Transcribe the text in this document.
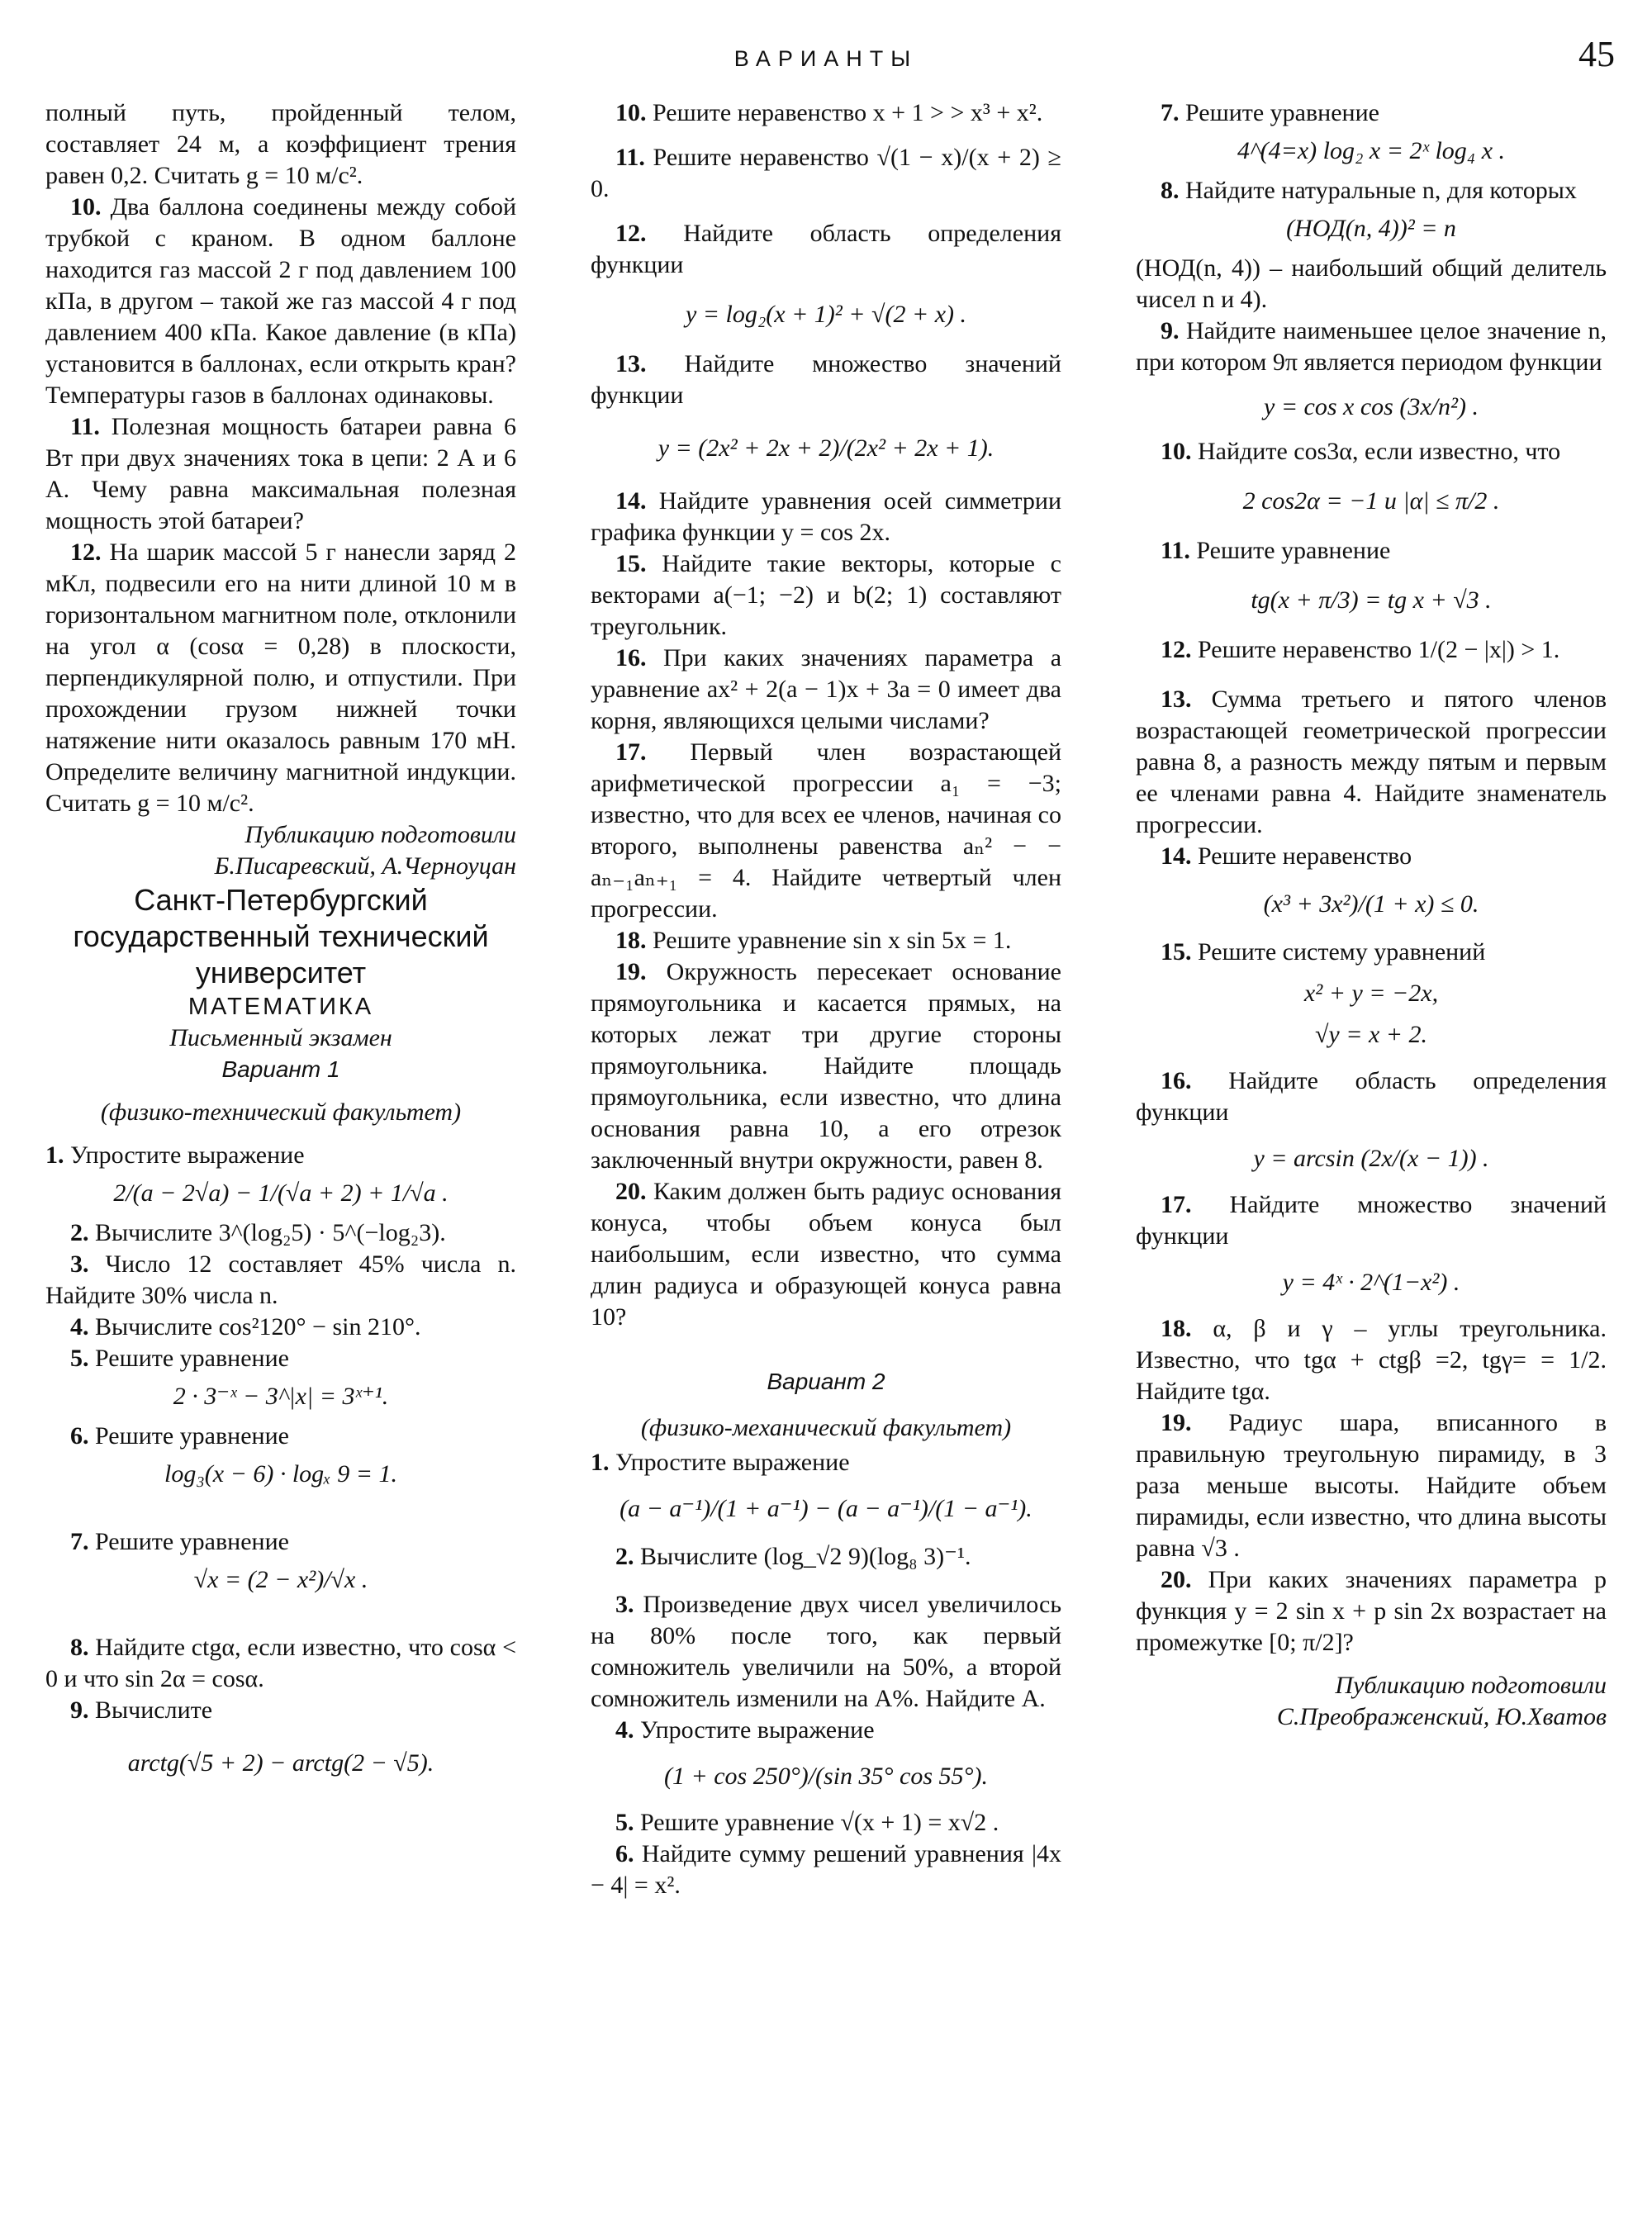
ВАРИАНТЫ	45

полный путь, пройденный телом, составляет 24 м, а коэффициент трения равен 0,2. Считать g = 10 м/с².

10. Два баллона соединены между собой трубкой с краном. В одном баллоне находится газ массой 2 г под давлением 100 кПа, в другом – такой же газ массой 4 г под давлением 400 кПа. Какое давление (в кПа) установится в баллонах, если открыть кран? Температуры газов в баллонах одинаковы.

11. Полезная мощность батареи равна 6 Вт при двух значениях тока в цепи: 2 А и 6 А. Чему равна максимальная полезная мощность этой батареи?

12. На шарик массой 5 г нанесли заряд 2 мКл, подвесили его на нити длиной 10 м в горизонтальном магнитном поле, отклонили на угол α (cosα = 0,28) в плоскости, перпендикулярной полю, и отпустили. При прохождении грузом нижней точки натяжение нити оказалось равным 170 мН. Определите величину магнитной индукции. Считать g = 10 м/с².

Публикацию подготовили

Б.Писаревский, А.Черноуцан

Санкт-Петербургский государственный технический университет

МАТЕМАТИКА

Письменный экзамен

Вариант 1

(физико-технический факультет)

1. Упростите выражение

2/(a − 2√a) − 1/(√a + 2) + 1/√a .

2. Вычислите 3^(log₂5) · 5^(−log₂3).

3. Число 12 составляет 45% числа n. Найдите 30% числа n.

4. Вычислите cos²120° − sin 210°.

5. Решите уравнение

2 · 3⁻ˣ − 3^|x| = 3ˣ⁺¹.

6. Решите уравнение

log₃(x − 6) · logₓ 9 = 1.

7. Решите уравнение

√x = (2 − x²)/√x .

8. Найдите ctgα, если известно, что cosα < 0 и что sin 2α = cosα.

9. Вычислите

arctg(√5 + 2) − arctg(2 − √5).

10. Решите неравенство x + 1 > > x³ + x².

11. Решите неравенство √(1 − x)/(x + 2) ≥ 0.

12. Найдите область определения функции

y = log₂(x + 1)² + √(2 + x) .

13. Найдите множество значений функции

y = (2x² + 2x + 2)/(2x² + 2x + 1).

14. Найдите уравнения осей симметрии графика функции y = cos 2x.

15. Найдите такие векторы, которые с векторами a(−1; −2) и b(2; 1) составляют треугольник.

16. При каких значениях параметра a уравнение ax² + 2(a − 1)x + 3a = 0 имеет два корня, являющихся целыми числами?

17. Первый член возрастающей арифметической прогрессии a₁ = −3; известно, что для всех ее членов, начиная со второго, выполнены равенства aₙ² − − aₙ₋₁aₙ₊₁ = 4. Найдите четвертый член прогрессии.

18. Решите уравнение sin x sin 5x = 1.

19. Окружность пересекает основание прямоугольника и касается прямых, на которых лежат три другие стороны прямоугольника. Найдите площадь прямоугольника, если известно, что длина основания равна 10, а его отрезок заключенный внутри окружности, равен 8.

20. Каким должен быть радиус основания конуса, чтобы объем конуса был наибольшим, если известно, что сумма длин радиуса и образующей конуса равна 10?

Вариант 2

(физико-механический факультет)

1. Упростите выражение

(a − a⁻¹)/(1 + a⁻¹) − (a − a⁻¹)/(1 − a⁻¹).

2. Вычислите (log_√2 9)(log₈ 3)⁻¹.

3. Произведение двух чисел увеличилось на 80% после того, как первый сомножитель увеличили на 50%, а второй сомножитель изменили на A%. Найдите A.

4. Упростите выражение

(1 + cos 250°)/(sin 35° cos 55°).

5. Решите уравнение √(x + 1) = x√2 .

6. Найдите сумму решений уравнения |4x − 4| = x².

7. Решите уравнение

4^(4=x) log₂ x = 2ˣ log₄ x .

8. Найдите натуральные n, для которых

(НОД(n, 4))² = n

(НОД(n, 4)) – наибольший общий делитель чисел n и 4).

9. Найдите наименьшее целое значение n, при котором 9π является периодом функции

y = cos x cos (3x/n²) .

10. Найдите cos3α, если известно, что

2 cos2α = −1 и |α| ≤ π/2 .

11. Решите уравнение

tg(x + π/3) = tg x + √3 .

12. Решите неравенство 1/(2 − |x|) > 1.

13. Сумма третьего и пятого членов возрастающей геометрической прогрессии равна 8, а разность между пятым и первым ее членами равна 4. Найдите знаменатель прогрессии.

14. Решите неравенство

(x³ + 3x²)/(1 + x) ≤ 0.

15. Решите систему уравнений

x² + y = −2x,

√y = x + 2.

16. Найдите область определения функции

y = arcsin (2x/(x − 1)) .

17. Найдите множество значений функции

y = 4ˣ · 2^(1−x²) .

18. α, β и γ – углы треугольника. Известно, что tgα + ctgβ =2, tgγ= = 1/2. Найдите tgα.

19. Радиус шара, вписанного в правильную треугольную пирамиду, в 3 раза меньше высоты. Найдите объем пирамиды, если известно, что длина высоты равна √3 .

20. При каких значениях параметра p функция y = 2 sin x + p sin 2x возрастает на промежутке [0; π/2]?

Публикацию подготовили

С.Преображенский, Ю.Хватов
